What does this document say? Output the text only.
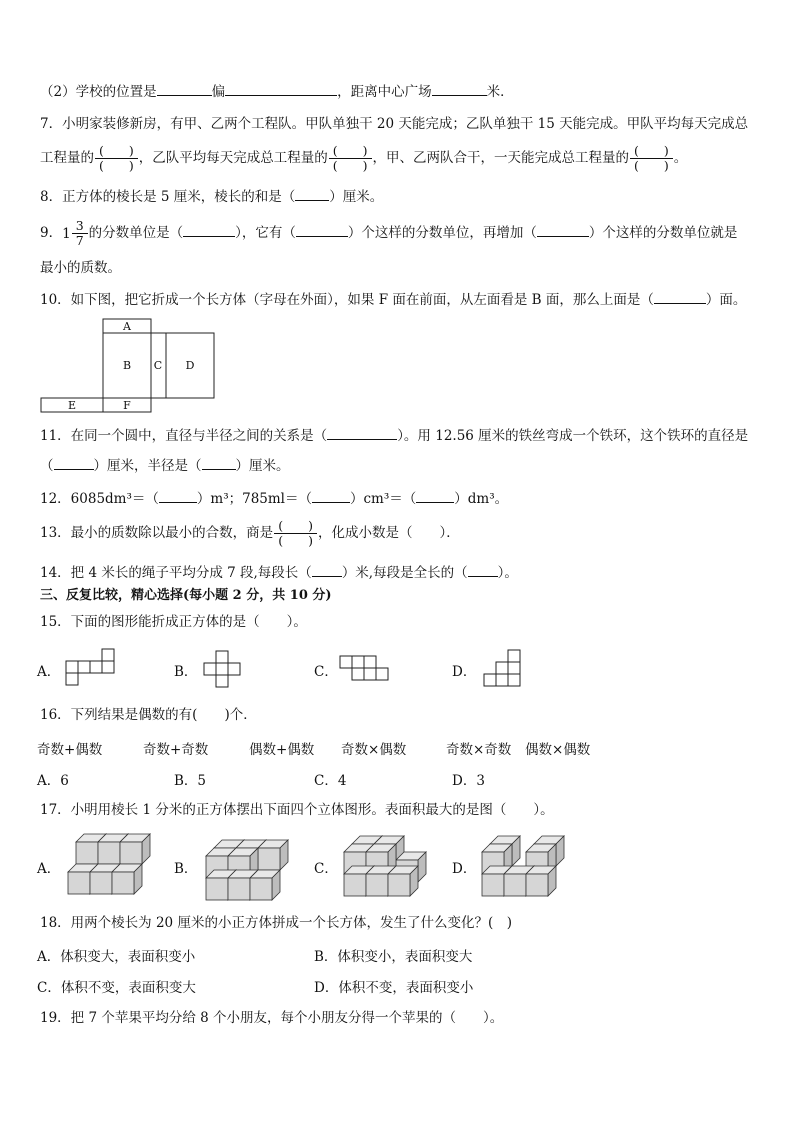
（2）学校的位置是	偏	，距离中心广场	米．
7．小明家装修新房，有甲、乙两个工程队。甲队单独干 20 天能完成；乙队单独干 15 天能完成。甲队平均每天完成总
工程量的 $\frac{( )}{( )}$ ，乙队平均每天完成总工程量的 $\frac{( )}{( )}$ ，甲、乙两队合干，一天能完成总工程量的 $\frac{( )}{( )}$ 。
8．正方体的棱长是 5 厘米，棱长的和是（	）厘米。
9．$1 \frac{3}{7}$ 的分数单位是（	），它有（	）个这样的分数单位，再增加（	）个这样的分数单位就是
最小的质数。
10．如下图，把它折成一个长方体（字母在外面），如果 F 面在前面，从左面看是 B 面，那么上面是（	）面。
A
B C D
E	F
11．在同一个圆中，直径与半径之间的关系是（	）。用 12.56 厘米的铁丝弯成一个铁环，这个铁环的直径是
（	）厘米，半径是（	）厘米。
12．6085dm³＝（	）m³；785ml＝（	）cm³＝（	）dm³。
13．最小的质数除以最小的合数，商是 $\frac{( )}{( )}$ ，化成小数是（　　）．
14．把 4 米长的绳子平均分成 7 段,每段长（ ）米,每段是全长的（ ）。
三、反复比较，精心选择(每小题 2 分，共 10 分)
15．下面的图形能折成正方体的是（　　）。
A．	B．	C．	D．
16．下列结果是偶数的有(　　)个．
奇数+偶数	奇数+奇数	偶数+偶数 奇数×偶数	奇数×奇数 偶数×偶数
A．6	B．5	C．4	D．3
17．小明用棱长 1 分米的正方体摆出下面四个立体图形。表面积最大的是图（　　）。
A．	B．	C．	D．
18．用两个棱长为 20 厘米的小正方体拼成一个长方体，发生了什么变化？(　)
A．体积变大，表面积变小	B．体积变小，表面积变大
C．体积不变，表面积变大	D．体积不变，表面积变小
19．把 7 个苹果平均分给 8 个小朋友，每个小朋友分得一个苹果的（　　）。
